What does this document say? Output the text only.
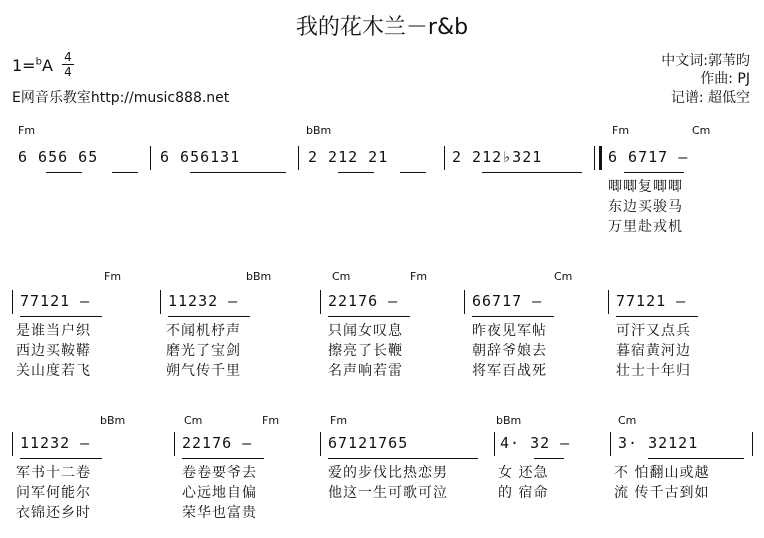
我的花木兰－r&b
1=$^b$A 4
4
中文词:郭苇昀
作曲: PJ
记谱: 超低空
E网音乐教室http://music888.net
Fm	bBm	Fm	Cm
6 656 65	6 656131	2 212 21	2 212♭321	6 6717 –
唧唧复唧唧
东边买骏马
万里赴戎机
Fm	bBm	Cm	Fm	Cm
77121 –	11232 –	22176 –	66717 –	77121 –
是谁当户织	不闻机杼声	只闻女叹息	昨夜见军帖	可汗又点兵
西边买鞍鞯	磨光了宝剑	擦亮了长鞭	朝辞爷娘去	暮宿黄河边
关山度若飞	朔气传千里	名声响若雷	将军百战死	壮士十年归
bBm	Cm	Fm	Fm	bBm	Cm
11232 –	22176 –	67121765	4· 32 –	3· 32121
军书十二卷	卷卷要爷去	爱的步伐比热恋男	女 还急	不 怕翻山或越
问军何能尔	心远地自偏	他这一生可歌可泣	的 宿命	流 传千古到如
衣锦还乡时	荣华也富贵
